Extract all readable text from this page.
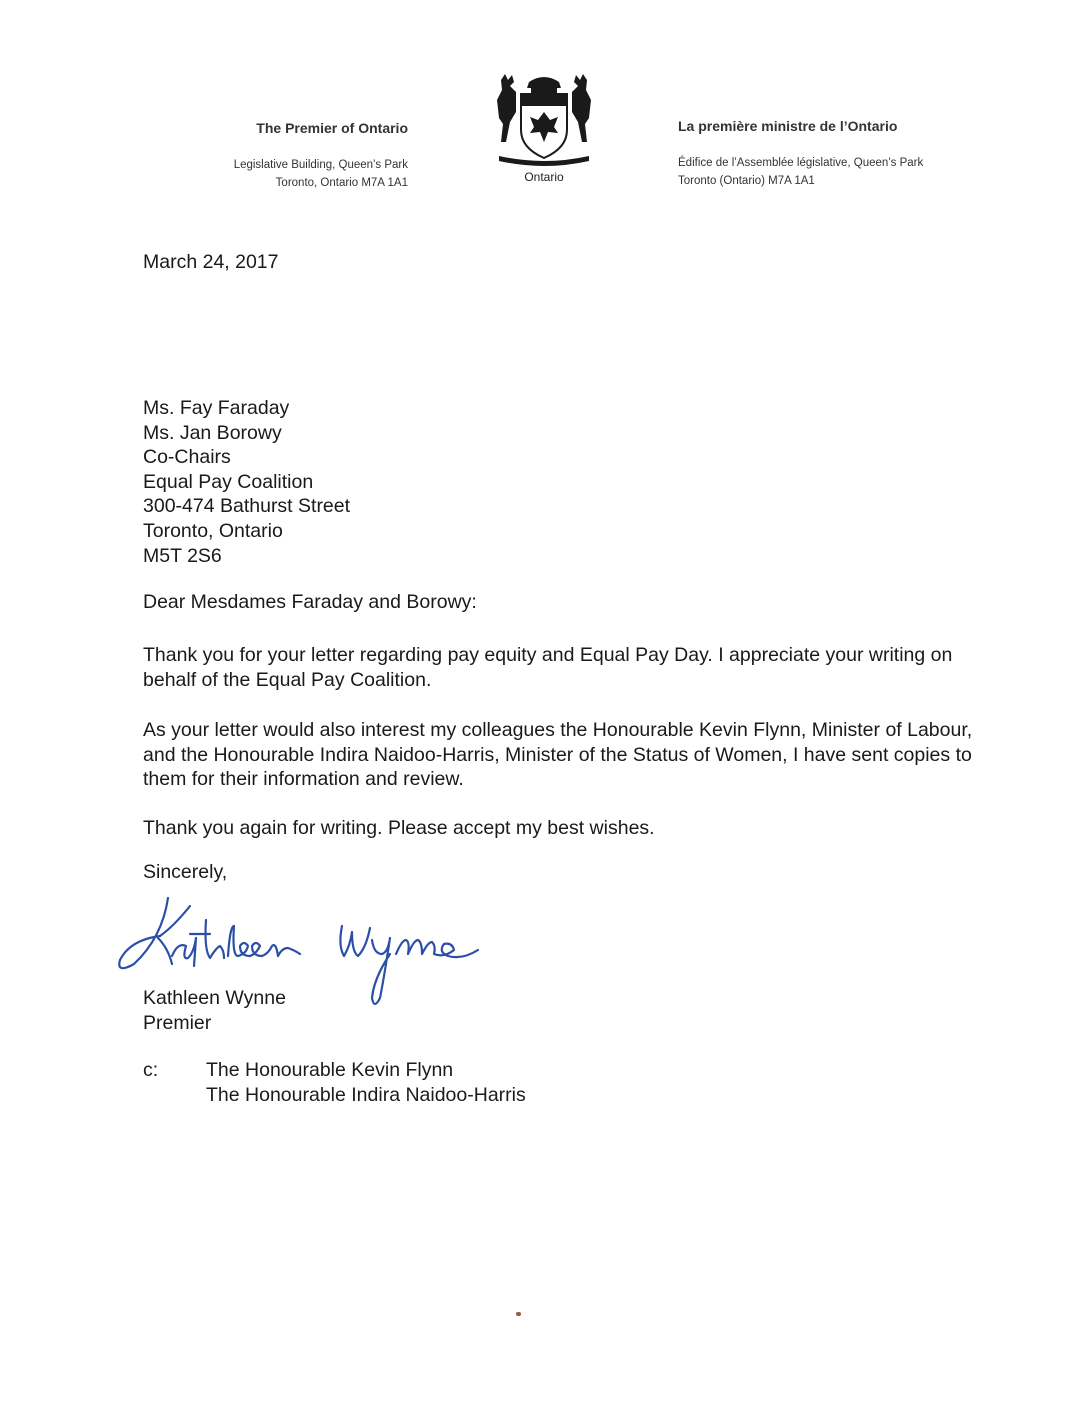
The Premier of Ontario
Legislative Building, Queen’s Park
Toronto, Ontario M7A 1A1	Ontario
La première ministre de l’Ontario
Édifice de l’Assemblée législative, Queen’s Park
Toronto (Ontario) M7A 1A1
March 24, 2017
Ms. Fay Faraday
Ms. Jan Borowy
Co-Chairs
Equal Pay Coalition
300-474 Bathurst Street
Toronto, Ontario
M5T 2S6
Dear Mesdames Faraday and Borowy:
Thank you for your letter regarding pay equity and Equal Pay Day. I appreciate your writing on behalf of the Equal Pay Coalition.
As your letter would also interest my colleagues the Honourable Kevin Flynn, Minister of Labour, and the Honourable Indira Naidoo-Harris, Minister of the Status of Women, I have sent copies to them for their information and review.
Thank you again for writing. Please accept my best wishes.
Sincerely,
Kathleen Wynne
Premier
c: The Honourable Kevin Flynn
The Honourable Indira Naidoo-Harris
